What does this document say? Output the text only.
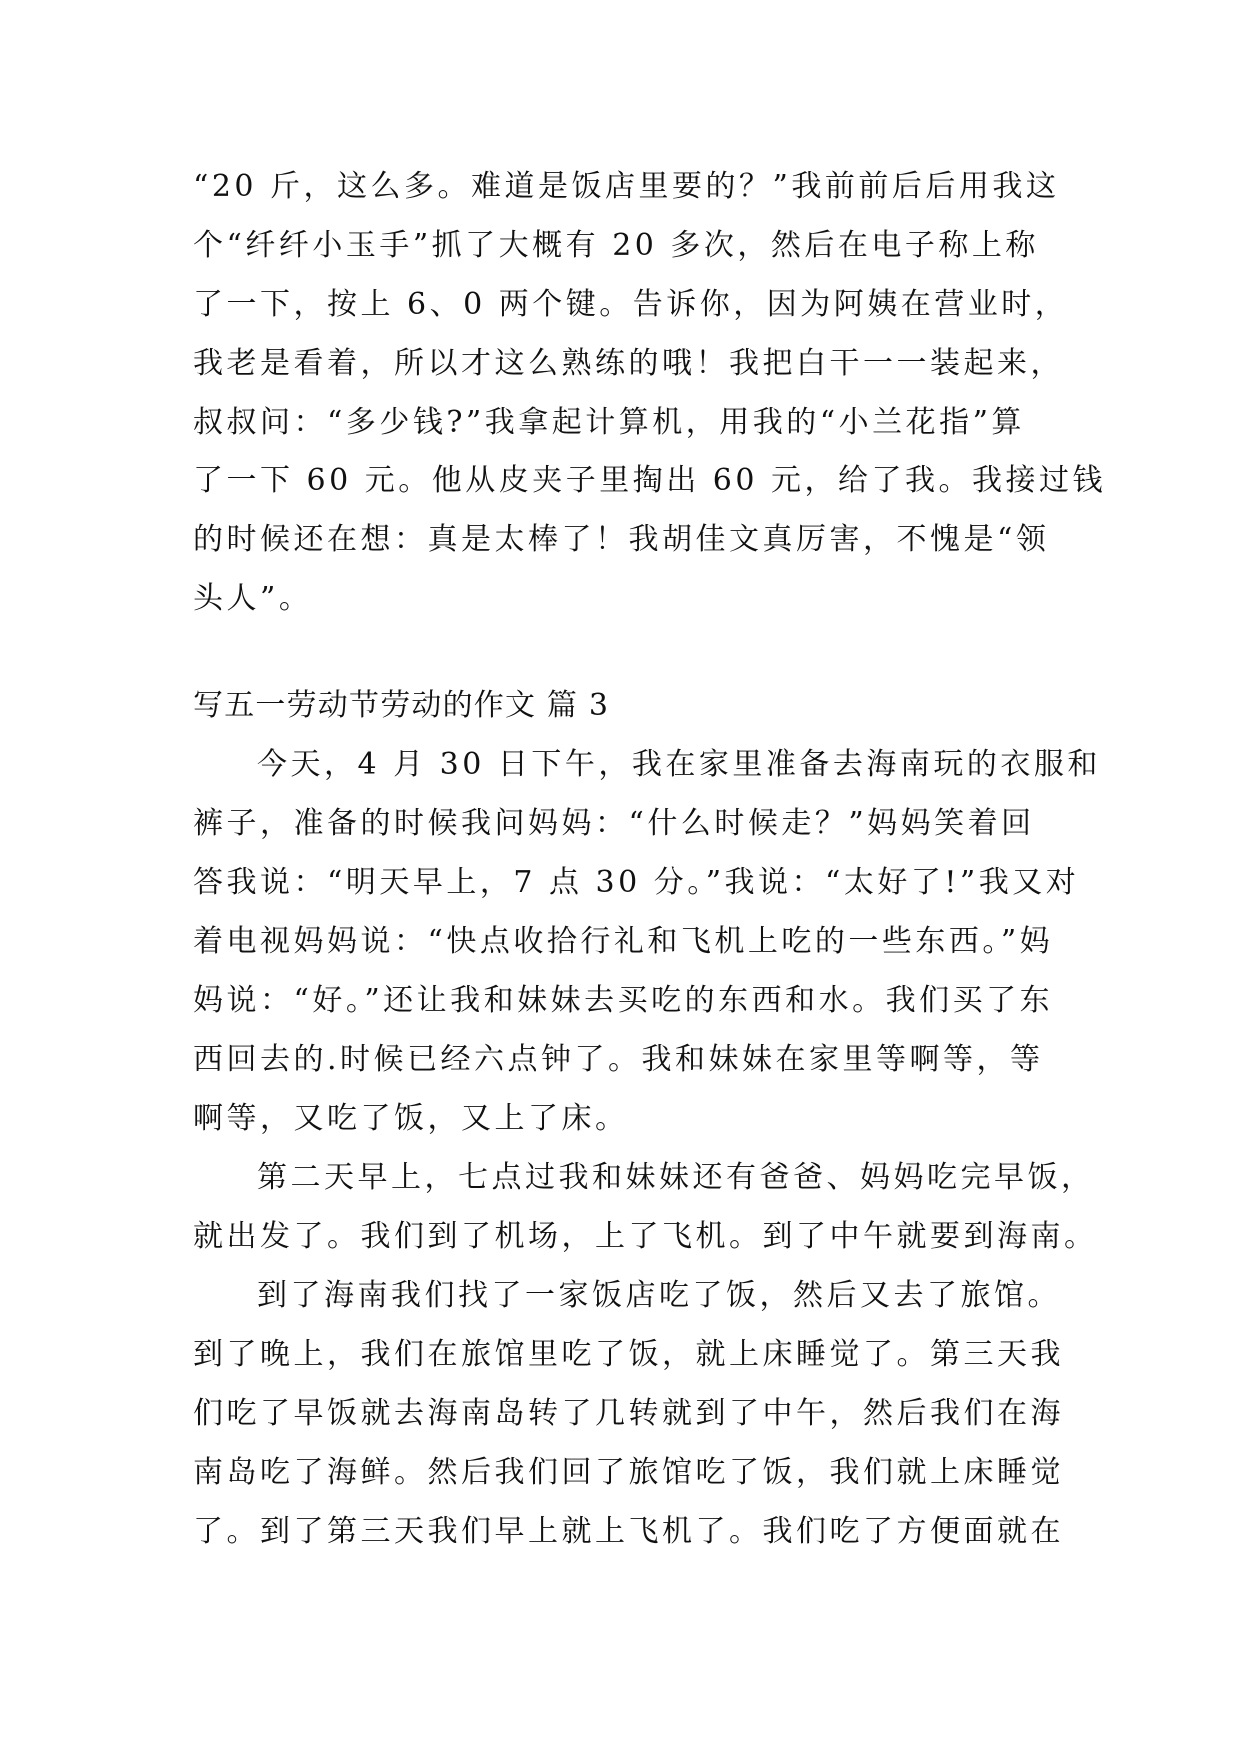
“20 斤，这么多。难道是饭店里要的？”我前前后后用我这
个“纤纤小玉手”抓了大概有 20 多次，然后在电子称上称
了一下，按上 6、0 两个键。告诉你，因为阿姨在营业时，
我老是看着，所以才这么熟练的哦！我把白干一一装起来，
叔叔问：“多少钱?”我拿起计算机，用我的“小兰花指”算
了一下 60 元。他从皮夹子里掏出 60 元，给了我。我接过钱
的时候还在想：真是太棒了！我胡佳文真厉害，不愧是“领
头人”。
写五一劳动节劳动的作文 篇 3
今天，4 月 30 日下午，我在家里准备去海南玩的衣服和
裤子，准备的时候我问妈妈：“什么时候走？”妈妈笑着回
答我说：“明天早上，7 点 30 分。”我说：“太好了!”我又对
着电视妈妈说：“快点收拾行礼和飞机上吃的一些东西。”妈
妈说：“好。”还让我和妹妹去买吃的东西和水。我们买了东
西回去的.时候已经六点钟了。我和妹妹在家里等啊等，等
啊等，又吃了饭，又上了床。
第二天早上，七点过我和妹妹还有爸爸、妈妈吃完早饭，
就出发了。我们到了机场，上了飞机。到了中午就要到海南。
到了海南我们找了一家饭店吃了饭，然后又去了旅馆。
到了晚上，我们在旅馆里吃了饭，就上床睡觉了。第三天我
们吃了早饭就去海南岛转了几转就到了中午，然后我们在海
南岛吃了海鲜。然后我们回了旅馆吃了饭，我们就上床睡觉
了。到了第三天我们早上就上飞机了。我们吃了方便面就在
